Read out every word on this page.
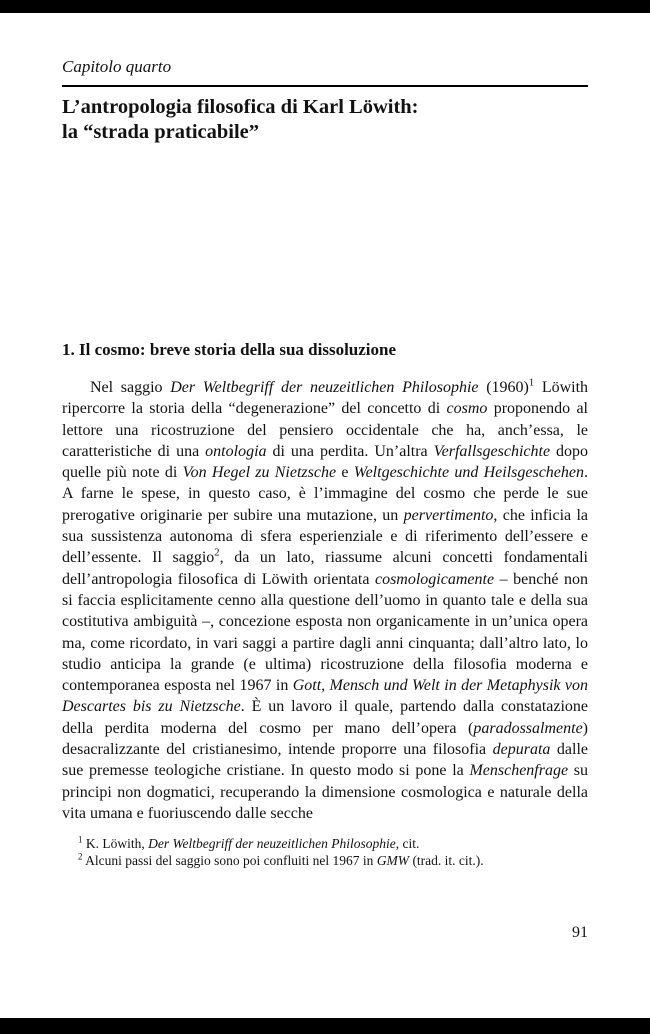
Capitolo quarto
L’antropologia filosofica di Karl Löwith:
la “strada praticabile”
1. Il cosmo: breve storia della sua dissoluzione

Nel saggio Der Weltbegriff der neuzeitlichen Philosophie $(1960)^1$ Löwith ripercorre la storia della “degenerazione” del concetto di cosmo proponendo al lettore una ricostruzione del pensiero occidentale che ha, anch’essa, le caratteristiche di una ontologia di una perdita. Un’altra Verfallsgeschichte dopo quelle più note di Von Hegel zu Nietzsche e Weltgeschichte und Heilsgeschehen. A farne le spese, in questo caso, è l’immagine del cosmo che perde le sue prerogative originarie per subire una mutazione, un pervertimento, che inficia la sua sussistenza autonoma di sfera esperienziale e di riferimento dell’essere e dell’essente. Il saggio$^2$, da un lato, riassume alcuni concetti fondamentali dell’antropologia filosofica di Löwith orientata cosmologicamente – benché non si faccia esplicitamente cenno alla questione dell’uomo in quanto tale e della sua costitutiva ambiguità –, concezione esposta non organicamente in un’unica opera ma, come ricordato, in vari saggi a partire dagli anni cinquanta; dall’altro lato, lo studio anticipa la grande (e ultima) ricostruzione della filosofia moderna e contemporanea esposta nel 1967 in Gott, Mensch und Welt in der Metaphysik von Descartes bis zu Nietzsche. È un lavoro il quale, partendo dalla constatazione della perdita moderna del cosmo per mano dell’opera (paradossalmente) desacralizzante del cristianesimo, intende proporre una filosofia depurata dalle sue premesse teologiche cristiane. In questo modo si pone la Menschenfrage su principi non dogmatici, recuperando la dimensione cosmologica e naturale della vita umana e fuoriuscendo dalle secche

$^1$ K. Löwith, Der Weltbegriff der neuzeitlichen Philosophie, cit.

$^2$ Alcuni passi del saggio sono poi confluiti nel 1967 in GMW (trad. it. cit.).

91
